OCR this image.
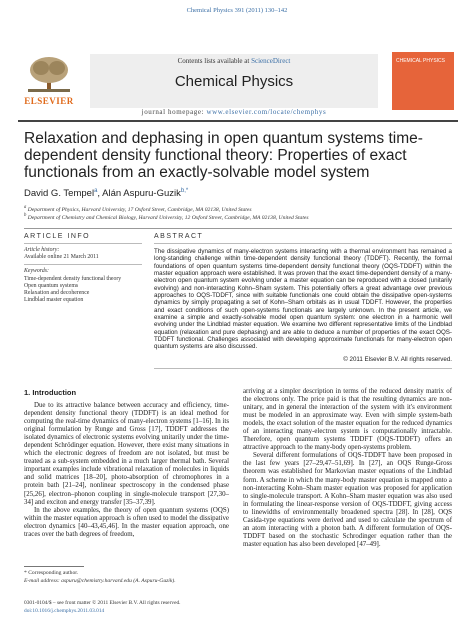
Chemical Physics 391 (2011) 130–142
ELSEVIER
Contents lists available at ScienceDirect
Chemical Physics
journal homepage: www.elsevier.com/locate/chemphys
CHEMICAL PHYSICS
Relaxation and dephasing in open quantum systems time-dependent density functional theory: Properties of exact functionals from an exactly-solvable model system
David G. Tempel$^a$, Alán Aspuru-Guzik$^{b,*}$
$^a$ Department of Physics, Harvard University, 17 Oxford Street, Cambridge, MA 02138, United States
$^b$ Department of Chemistry and Chemical Biology, Harvard University, 12 Oxford Street, Cambridge, MA 02138, United States
ARTICLE INFO
Article history:
Available online 21 March 2011
Keywords:
Time-dependent density functional theory
Open quantum systems
Relaxation and decoherence
Lindblad master equation
ABSTRACT
The dissipative dynamics of many-electron systems interacting with a thermal environment has remained a long-standing challenge within time-dependent density functional theory (TDDFT). Recently, the formal foundations of open quantum systems time-dependent density functional theory (OQS-TDDFT) within the master equation approach were established. It was proven that the exact time-dependent density of a many-electron open quantum system evolving under a master equation can be reproduced with a closed (unitarily evolving) and non-interacting Kohn–Sham system. This potentially offers a great advantage over previous approaches to OQS-TDDFT, since with suitable functionals one could obtain the dissipative open-systems dynamics by simply propagating a set of Kohn–Sham orbitals as in usual TDDFT. However, the properties and exact conditions of such open-systems functionals are largely unknown. In the present article, we examine a simple and exactly-solvable model open quantum system: one electron in a harmonic well evolving under the Lindblad master equation. We examine two different representative limits of the Lindblad equation (relaxation and pure dephasing) and are able to deduce a number of properties of the exact OQS-TDDFT functional. Challenges associated with developing approximate functionals for many-electron open quantum systems are also discussed.
© 2011 Elsevier B.V. All rights reserved.
1. Introduction

Due to its attractive balance between accuracy and efficiency, time-dependent density functional theory (TDDFT) is an ideal method for computing the real-time dynamics of many-electron systems [1–16]. In its original formulation by Runge and Gross [17], TDDFT addresses the isolated dynamics of electronic systems evolving unitarily under the time-dependent Schrödinger equation. However, there exist many situations in which the electronic degrees of freedom are not isolated, but must be treated as a sub-system embedded in a much larger thermal bath. Several important examples include vibrational relaxation of molecules in liquids and solid matrices [18–20], photo-absorption of chromophores in a protein bath [21–24], nonlinear spectroscopy in the condensed phase [25,26], electron–phonon coupling in single-molecule transport [27,30–34] and exciton and energy transfer [35–37,39].

In the above examples, the theory of open quantum systems (OQS) within the master equation approach is often used to model the dissipative electron dynamics [40–43,45,46]. In the master equation approach, one traces over the bath degrees of freedom,

arriving at a simpler description in terms of the reduced density matrix of the electrons only. The price paid is that the resulting dynamics are non-unitary, and in general the interaction of the system with it's environment must be modeled in an approximate way. Even with simple system-bath models, the exact solution of the master equation for the reduced dynamics of an interacting many-electron system is computationally intractable. Therefore, open quantum systems TDDFT (OQS-TDDFT) offers an attractive approach to the many-body open-systems problem.

Several different formulations of OQS-TDDFT have been proposed in the last few years [27–29,47–51,69]. In [27], an OQS Runge-Gross theorem was established for Markovian master equations of the Lindblad form. A scheme in which the many-body master equation is mapped onto a non-interacting Kohn–Sham master equation was proposed for application to single-molecule transport. A Kohn–Sham master equation was also used in formulating the linear-response version of OQS-TDDFT, giving access to linewidths of environmentally broadened spectra [28]. In [28], OQS Casida-type equations were derived and used to calculate the spectrum of an atom interacting with a photon bath. A different formulation of OQS-TDDFT based on the stochastic Schrodinger equation rather than the master equation has also been developed [47–49].

* Corresponding author.
E-mail address: aspuru@chemistry.harvard.edu (A. Aspuru-Guzik).
0301-0104/$ – see front matter © 2011 Elsevier B.V. All rights reserved.
doi:10.1016/j.chemphys.2011.03.014
